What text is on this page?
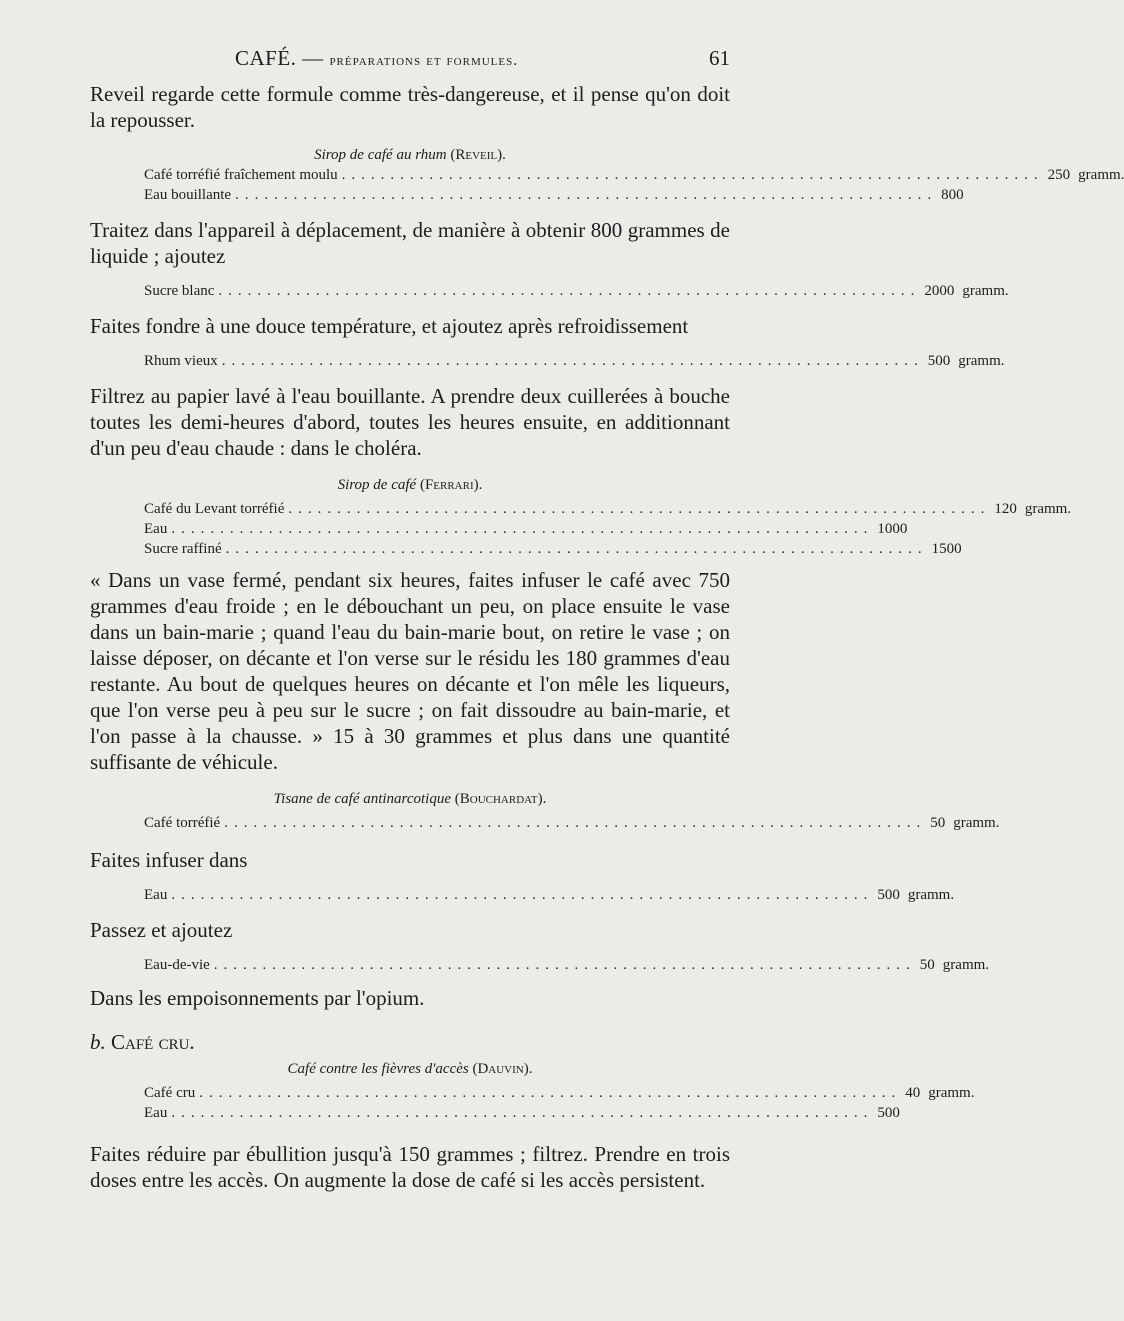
CAFÉ. — préparations et formules.	61

Reveil regarde cette formule comme très-dangereuse, et il pense qu'on doit la repousser.

Sirop de café au rhum (Reveil).
Café torréfié fraîchement moulu ........................................................................ 250 gramm.
Eau bouillante ........................................................................ 800

Traitez dans l'appareil à déplacement, de manière à obtenir 800 grammes de liquide ; ajoutez

Sucre blanc ........................................................................ 2000 gramm.

Faites fondre à une douce température, et ajoutez après refroidissement

Rhum vieux ........................................................................ 500 gramm.

Filtrez au papier lavé à l'eau bouillante. A prendre deux cuillerées à bouche toutes les demi-heures d'abord, toutes les heures ensuite, en additionnant d'un peu d'eau chaude : dans le choléra.

Sirop de café (Ferrari).
Café du Levant torréfié ........................................................................ 120 gramm.
Eau ........................................................................ 1000
Sucre raffiné ........................................................................ 1500

« Dans un vase fermé, pendant six heures, faites infuser le café avec 750 grammes d'eau froide ; en le débouchant un peu, on place ensuite le vase dans un bain-marie ; quand l'eau du bain-marie bout, on retire le vase ; on laisse déposer, on décante et l'on verse sur le résidu les 180 grammes d'eau restante. Au bout de quelques heures on décante et l'on mêle les liqueurs, que l'on verse peu à peu sur le sucre ; on fait dissoudre au bain-marie, et l'on passe à la chausse. » 15 à 30 grammes et plus dans une quantité suffisante de véhicule.

Tisane de café antinarcotique (Bouchardat).
Café torréfié ........................................................................ 50 gramm.

Faites infuser dans

Eau ........................................................................ 500 gramm.

Passez et ajoutez

Eau-de-vie ........................................................................ 50 gramm.

Dans les empoisonnements par l'opium.

b. Café cru.
Café contre les fièvres d'accès (Dauvin).
Café cru ........................................................................ 40 gramm.
Eau ........................................................................ 500

Faites réduire par ébullition jusqu'à 150 grammes ; filtrez. Prendre en trois doses entre les accès. On augmente la dose de café si les accès persistent.
